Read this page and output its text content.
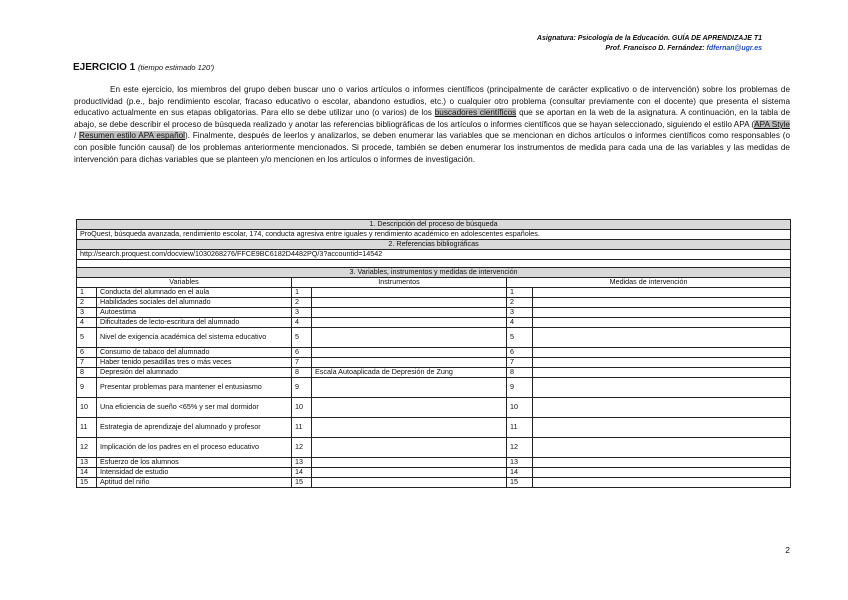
Asignatura: Psicología de la Educación. GUÍA DE APRENDIZAJE T1
Prof. Francisco D. Fernández: fdfernan@ugr.es
EJERCICIO 1 (tiempo estimado 120')

En este ejercicio, los miembros del grupo deben buscar uno o varios artículos o informes científicos (principalmente de carácter explicativo o de intervención) sobre los problemas de productividad (p.e., bajo rendimiento escolar, fracaso educativo o escolar, abandono estudios, etc.) o cualquier otro problema (consultar previamente con el docente) que presenta el sistema educativo actualmente en sus etapas obligatorias. Para ello se debe utilizar uno (o varios) de los buscadores científicos que se aportan en la web de la asignatura. A continuación, en la tabla de abajo, se debe describir el proceso de búsqueda realizado y anotar las referencias bibliográficas de los artículos o informes científicos que se hayan seleccionado, siguiendo el estilo APA (APA Style / Resumen estilo APA español). Finalmente, después de leerlos y analizarlos, se deben enumerar las variables que se mencionan en dichos artículos o informes científicos como responsables (o con posible función causal) de los problemas anteriormente mencionados. Si procede, también se deben enumerar los instrumentos de medida para cada una de las variables y las medidas de intervención para dichas variables que se planteen y/o mencionen en los artículos o informes de investigación.

1. Descripción del proceso de búsqueda					
ProQuest, búsqueda avanzada, rendimiento escolar, 174, conducta agresiva entre iguales y rendimiento académico en adolescentes españoles.					
2. Referencias bibliográficas					
http://search.proquest.com/docview/1030268276/FFCE9BC6182D4482PQ/3?accountid=14542					

3. Variables, instrumentos y medidas de intervención					
Variables		Instrumentos		Medidas de intervención	
1	Conducta del alumnado en el aula	1		1	
2	Habilidades sociales del alumnado	2		2	
3	Autoestima	3		3	
4	Dificultades de lecto-escritura del alumnado	4		4	
5	Nivel de exigencia académica del sistema educativo	5		5	
6	Consumo de tabaco del alumnado	6		6	
7	Haber tenido pesadillas tres o más veces	7		7	
8	Depresión del alumnado	8	Escala Autoaplicada de Depresión de Zung	8	
9	Presentar problemas para mantener el entusiasmo	9		9	
10	Una eficiencia de sueño <65% y ser mal dormidor	10		10	
11	Estrategia de aprendizaje del alumnado y profesor	11		11	
12	Implicación de los padres en el proceso educativo	12		12	
13	Esfuerzo de los alumnos	13		13	
14	Intensidad de estudio	14		14	
15	Aptitud del niño	15		15	
2
